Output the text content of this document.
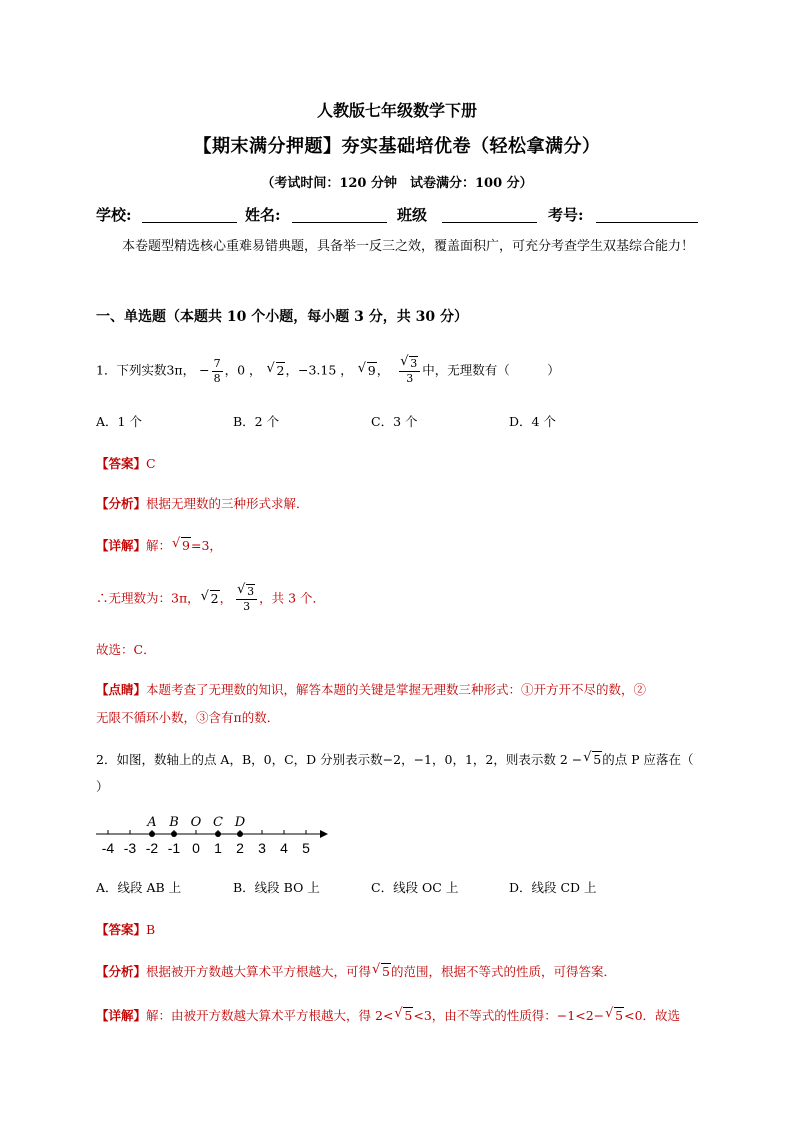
人教版七年级数学下册
【期末满分押题】夯实基础培优卷（轻松拿满分）
（考试时间：120 分钟　试卷满分：100 分）
学校:	姓名:	班级	考号:
本卷题型精选核心重难易错典题，具备举一反三之效，覆盖面积广，可充分考查学生双基综合能力！
一、单选题（本题共 10 个小题，每小题 3 分，共 30 分）
1．下列实数3π， − $\frac{7}{8}$ ，0 ， √ 2，−3.15 ， √ 9， √ $\frac{3}{3}$ 中，无理数有（　　　）
A．1 个	B．2 个	C．3 个	D．4 个
【答案】C
【分析】根据无理数的三种形式求解．
【详解】解： √ 9=3，
∴无理数为：3π， √ 2， √ $\frac{3}{3}$ ，共 3 个．
故选：C．
【点睛】本题考查了无理数的知识，解答本题的关键是掌握无理数三种形式：①开方开不尽的数，②
无限不循环小数，③含有π的数．
2．如图，数轴上的点 A，B，0，C，D 分别表示数−2，−1，0，1，2，则表示数 2 − √ 5的点 P 应落在（
）
A B O C D
-4 -3 -2 -1 0 1 2 3 4 5
A．线段 AB 上	B．线段 BO 上	C．线段 OC 上	D．线段 CD 上
【答案】B
【分析】根据被开方数越大算术平方根越大，可得 √ 5的范围，根据不等式的性质，可得答案．
【详解】解：由被开方数越大算术平方根越大，得 2< √ 5<3，由不等式的性质得：−1<2− √ 5<0．故选
